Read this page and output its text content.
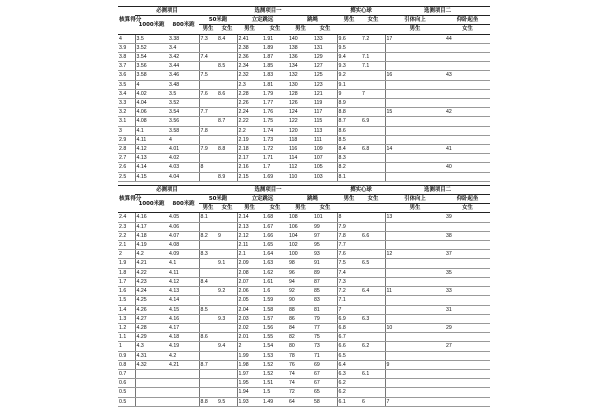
核算得分	必测项目		选测项目一						掷实心球		选测项目二	
	1000米跑	800米跑	50米跑		立定跳远		跳绳		男生	女生	引体向上	仰卧起坐
			男生	女生	男生	女生	男生	女生			男生	女生
4	3.5	3.38	7.3	8.4	2.41	1.91	140	133	9.6	7.2	17	44
3.9	3.52	3.4			2.38	1.89	138	131	9.5			
3.8	3.54	3.42	7.4		2.36	1.87	136	129	9.4	7.1		
3.7	3.56	3.44		8.5	2.34	1.85	134	127	9.3	7.1		
3.6	3.58	3.46	7.5		2.32	1.83	132	125	9.2		16	43
3.5	4	3.48			2.3	1.81	130	123	9.1			
3.4	4.02	3.5	7.6	8.6	2.28	1.79	128	121	9	7		
3.3	4.04	3.52			2.26	1.77	126	119	8.9			
3.2	4.06	3.54	7.7		2.24	1.76	124	117	8.8		15	42
3.1	4.08	3.56		8.7	2.22	1.75	122	115	8.7	6.9		
3	4.1	3.58	7.8		2.2	1.74	120	113	8.6			
2.9	4.11	4			2.19	1.73	118	111	8.5			
2.8	4.12	4.01	7.9	8.8	2.18	1.72	116	109	8.4	6.8	14	41
2.7	4.13	4.02			2.17	1.71	114	107	8.3			
2.6	4.14	4.03	8		2.16	1.7	112	105	8.2			40
2.5	4.15	4.04		8.9	2.15	1.69	110	103	8.1			

核算得分	必测项目		选测项目一						掷实心球		选测项目二	
	1000米跑	800米跑	50米跑		立定跳远		跳绳		男生	女生	引体向上	仰卧起坐
			男生	女生	男生	女生	男生	女生			男生	女生
2.4	4.16	4.05	8.1		2.14	1.68	108	101	8		13	39
2.3	4.17	4.06			2.13	1.67	106	99	7.9			
2.2	4.18	4.07	8.2	9	2.12	1.66	104	97	7.8	6.6		38
2.1	4.19	4.08			2.11	1.65	102	95	7.7			
2	4.2	4.09	8.3		2.1	1.64	100	93	7.6		12	37
1.9	4.21	4.1		9.1	2.09	1.63	98	91	7.5	6.5		
1.8	4.22	4.11			2.08	1.62	96	89	7.4			35
1.7	4.23	4.12	8.4		2.07	1.61	94	87	7.3			
1.6	4.24	4.13		9.2	2.06	1.6	92	85	7.2	6.4	11	33
1.5	4.25	4.14			2.05	1.59	90	83	7.1			
1.4	4.26	4.15	8.5		2.04	1.58	88	81	7			31
1.3	4.27	4.16		9.3	2.03	1.57	86	79	6.9	6.3		
1.2	4.28	4.17			2.02	1.56	84	77	6.8		10	29
1.1	4.29	4.18	8.6		2.01	1.55	82	75	6.7			
1	4.3	4.19		9.4	2	1.54	80	73	6.6	6.2		27
0.9	4.31	4.2			1.99	1.53	78	71	6.5			
0.8	4.32	4.21	8.7		1.98	1.52	76	69	6.4		9	
0.7					1.97	1.52	74	67	6.3	6.1		
0.6					1.95	1.51	74	67	6.2			
0.5					1.94	1.5	72	65	6.2			
0.5			8.8	9.5	1.93	1.49	64	58	6.1	6	7	
